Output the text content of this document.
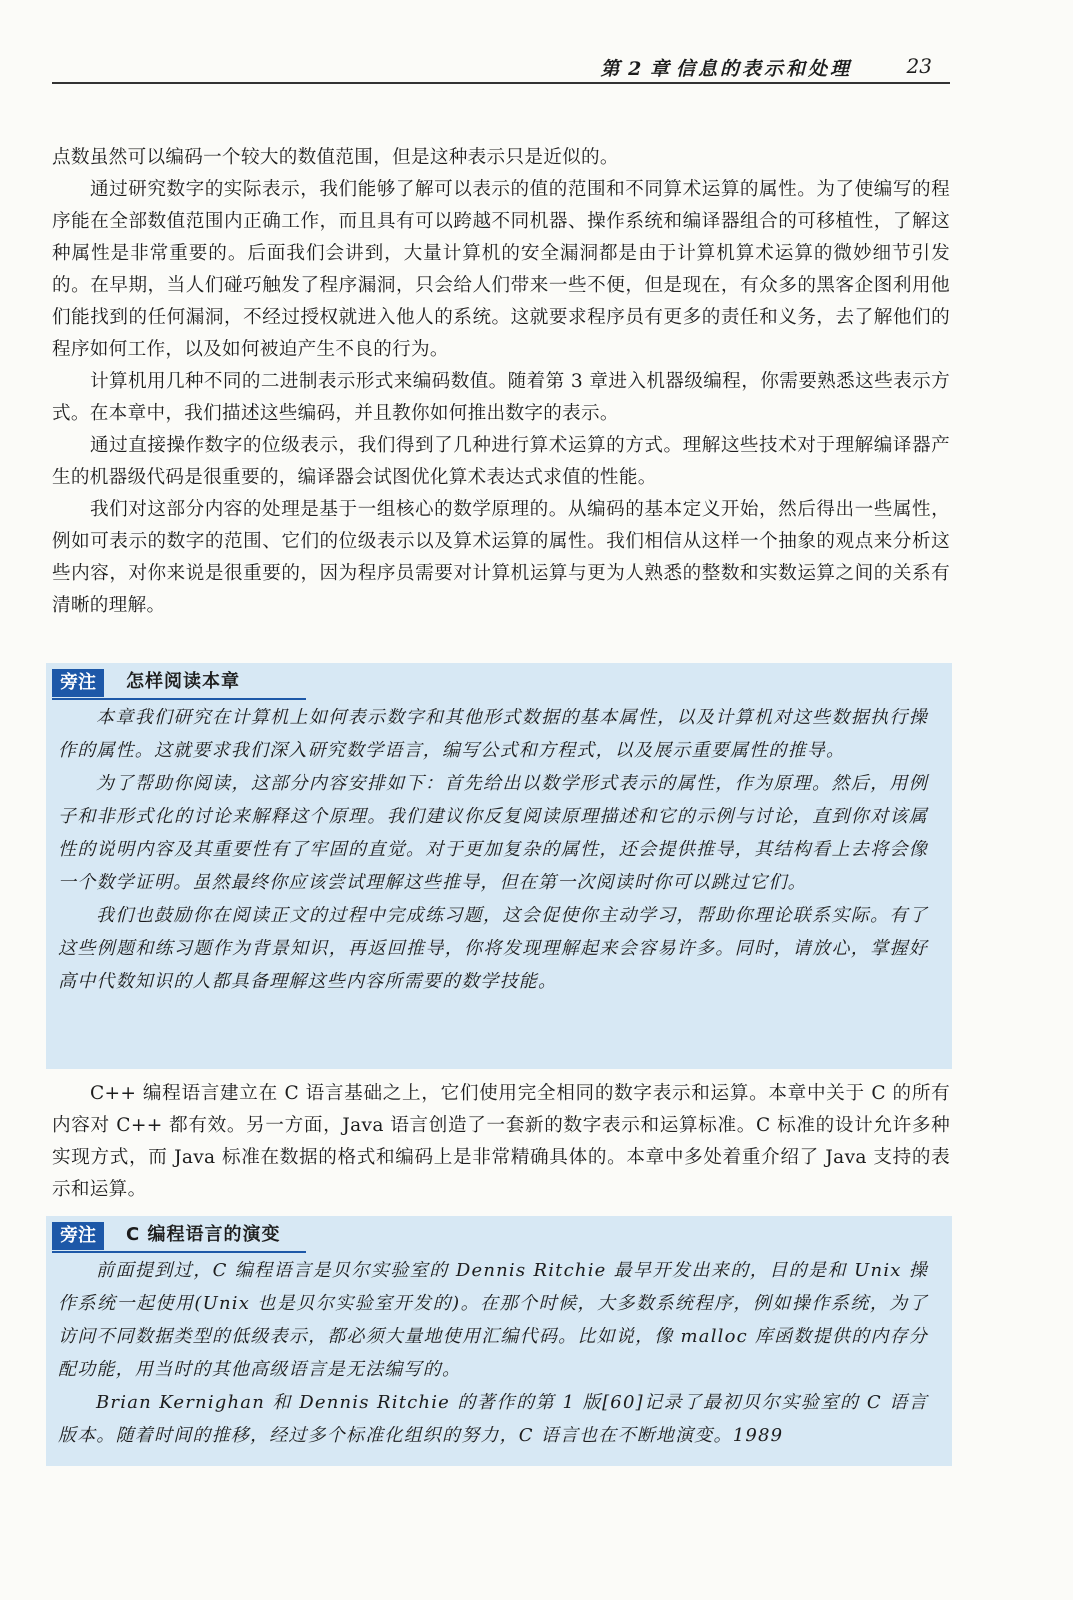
第 2 章 信息的表示和处理	23

点数虽然可以编码一个较大的数值范围，但是这种表示只是近似的。

通过研究数字的实际表示，我们能够了解可以表示的值的范围和不同算术运算的属性。为了使编写的程序能在全部数值范围内正确工作，而且具有可以跨越不同机器、操作系统和编译器组合的可移植性，了解这种属性是非常重要的。后面我们会讲到，大量计算机的安全漏洞都是由于计算机算术运算的微妙细节引发的。在早期，当人们碰巧触发了程序漏洞，只会给人们带来一些不便，但是现在，有众多的黑客企图利用他们能找到的任何漏洞，不经过授权就进入他人的系统。这就要求程序员有更多的责任和义务，去了解他们的程序如何工作，以及如何被迫产生不良的行为。

计算机用几种不同的二进制表示形式来编码数值。随着第 3 章进入机器级编程，你需要熟悉这些表示方式。在本章中，我们描述这些编码，并且教你如何推出数字的表示。

通过直接操作数字的位级表示，我们得到了几种进行算术运算的方式。理解这些技术对于理解编译器产生的机器级代码是很重要的，编译器会试图优化算术表达式求值的性能。

我们对这部分内容的处理是基于一组核心的数学原理的。从编码的基本定义开始，然后得出一些属性，例如可表示的数字的范围、它们的位级表示以及算术运算的属性。我们相信从这样一个抽象的观点来分析这些内容，对你来说是很重要的，因为程序员需要对计算机运算与更为人熟悉的整数和实数运算之间的关系有清晰的理解。

旁注	怎样阅读本章

本章我们研究在计算机上如何表示数字和其他形式数据的基本属性，以及计算机对这些数据执行操作的属性。这就要求我们深入研究数学语言，编写公式和方程式，以及展示重要属性的推导。

为了帮助你阅读，这部分内容安排如下：首先给出以数学形式表示的属性，作为原理。然后，用例子和非形式化的讨论来解释这个原理。我们建议你反复阅读原理描述和它的示例与讨论，直到你对该属性的说明内容及其重要性有了牢固的直觉。对于更加复杂的属性，还会提供推导，其结构看上去将会像一个数学证明。虽然最终你应该尝试理解这些推导，但在第一次阅读时你可以跳过它们。

我们也鼓励你在阅读正文的过程中完成练习题，这会促使你主动学习，帮助你理论联系实际。有了这些例题和练习题作为背景知识，再返回推导，你将发现理解起来会容易许多。同时，请放心，掌握好高中代数知识的人都具备理解这些内容所需要的数学技能。

C++ 编程语言建立在 C 语言基础之上，它们使用完全相同的数字表示和运算。本章中关于 C 的所有内容对 C++ 都有效。另一方面，Java 语言创造了一套新的数字表示和运算标准。C 标准的设计允许多种实现方式，而 Java 标准在数据的格式和编码上是非常精确具体的。本章中多处着重介绍了 Java 支持的表示和运算。

旁注	C 编程语言的演变

前面提到过，C 编程语言是贝尔实验室的 Dennis Ritchie 最早开发出来的，目的是和 Unix 操作系统一起使用(Unix 也是贝尔实验室开发的)。在那个时候，大多数系统程序，例如操作系统，为了访问不同数据类型的低级表示，都必须大量地使用汇编代码。比如说，像 malloc 库函数提供的内存分配功能，用当时的其他高级语言是无法编写的。

Brian Kernighan 和 Dennis Ritchie 的著作的第 1 版[60]记录了最初贝尔实验室的 C 语言版本。随着时间的推移，经过多个标准化组织的努力，C 语言也在不断地演变。1989
